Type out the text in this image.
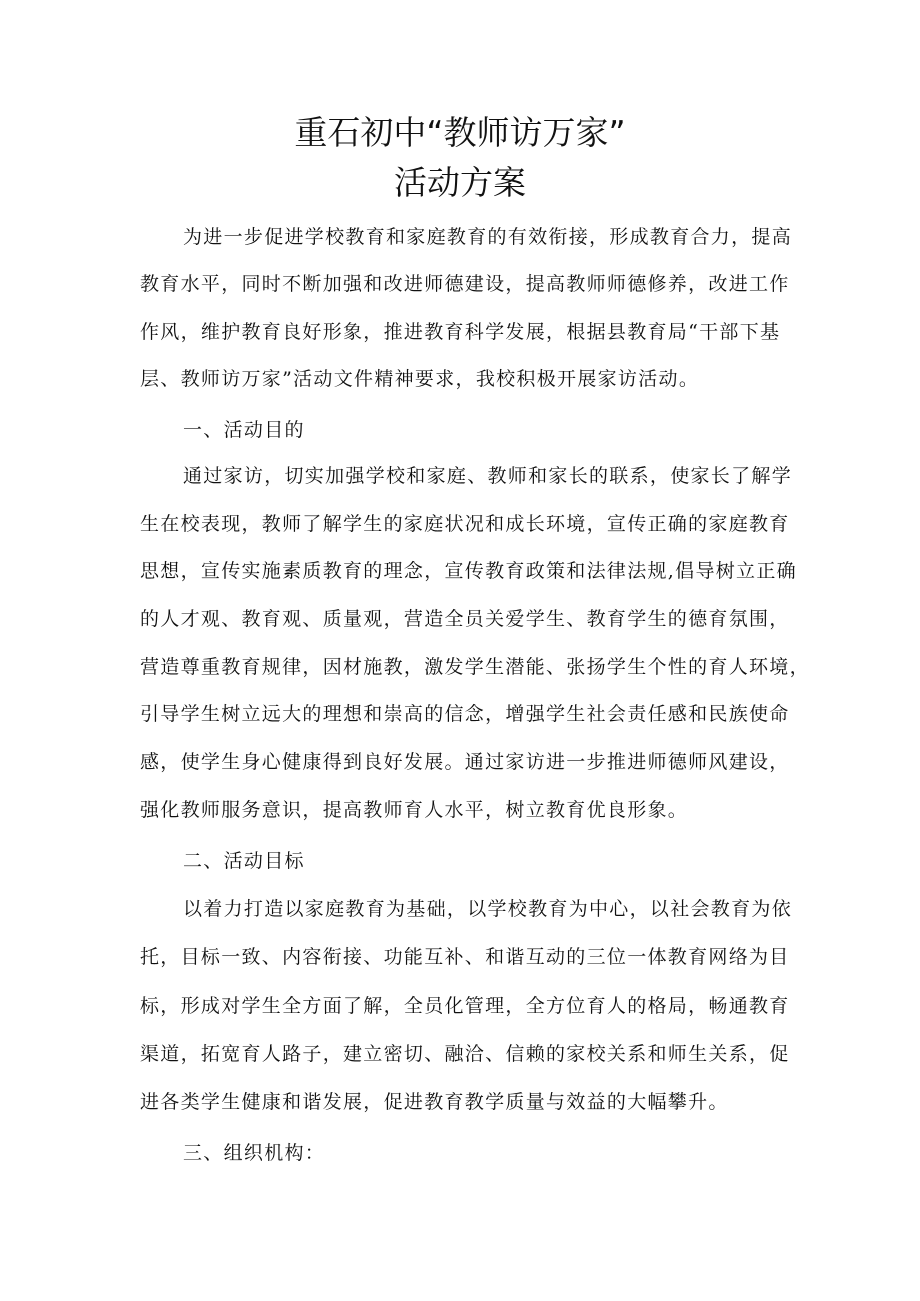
重石初中“教师访万家”
活动方案
为进一步促进学校教育和家庭教育的有效衔接，形成教育合力，提高
教育水平，同时不断加强和改进师德建设，提高教师师德修养，改进工作
作风，维护教育良好形象，推进教育科学发展，根据县教育局“干部下基
层、教师访万家”活动文件精神要求，我校积极开展家访活动。
一、活动目的
通过家访，切实加强学校和家庭、教师和家长的联系，使家长了解学
生在校表现，教师了解学生的家庭状况和成长环境，宣传正确的家庭教育
思想，宣传实施素质教育的理念，宣传教育政策和法律法规,倡导树立正确
的人才观、教育观、质量观，营造全员关爱学生、教育学生的德育氛围，
营造尊重教育规律，因材施教，激发学生潜能、张扬学生个性的育人环境，
引导学生树立远大的理想和崇高的信念，增强学生社会责任感和民族使命
感，使学生身心健康得到良好发展。通过家访进一步推进师德师风建设，
强化教师服务意识，提高教师育人水平，树立教育优良形象。
二、活动目标
以着力打造以家庭教育为基础，以学校教育为中心，以社会教育为依
托，目标一致、内容衔接、功能互补、和谐互动的三位一体教育网络为目
标，形成对学生全方面了解，全员化管理，全方位育人的格局，畅通教育
渠道，拓宽育人路子，建立密切、融洽、信赖的家校关系和师生关系，促
进各类学生健康和谐发展，促进教育教学质量与效益的大幅攀升。
三、组织机构：
